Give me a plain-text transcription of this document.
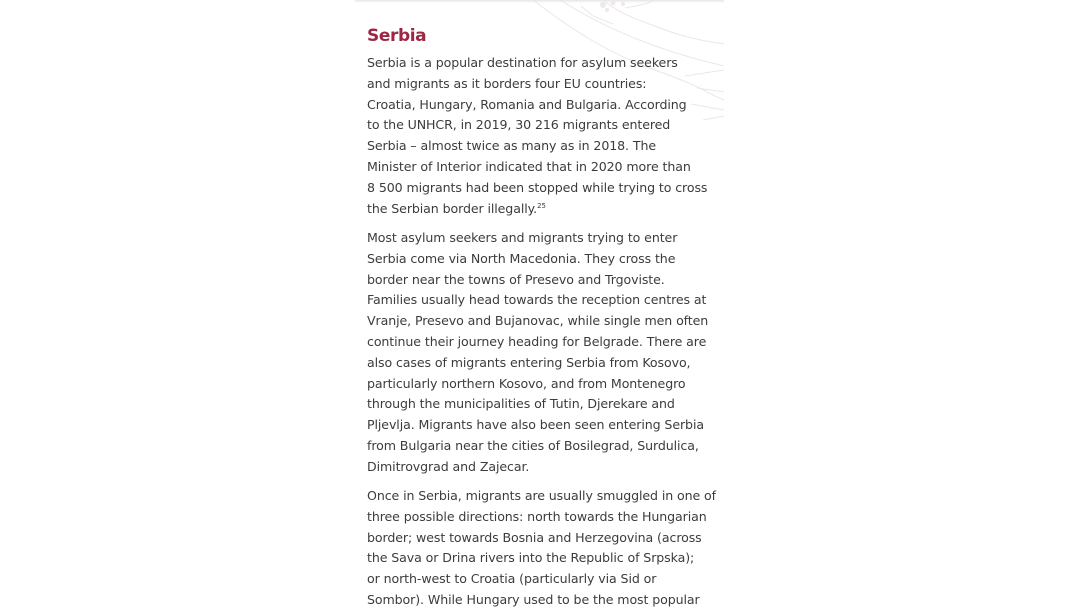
Serbia

Serbia is a popular destination for asylum seekers
and migrants as it borders four EU countries:
Croatia, Hungary, Romania and Bulgaria. According
to the UNHCR, in 2019, 30 216 migrants entered
Serbia – almost twice as many as in 2018. The
Minister of Interior indicated that in 2020 more than
8 500 migrants had been stopped while trying to cross
the Serbian border illegally.$^{25}$

Most asylum seekers and migrants trying to enter
Serbia come via North Macedonia. They cross the
border near the towns of Presevo and Trgoviste.
Families usually head towards the reception centres at
Vranje, Presevo and Bujanovac, while single men often
continue their journey heading for Belgrade. There are
also cases of migrants entering Serbia from Kosovo,
particularly northern Kosovo, and from Montenegro
through the municipalities of Tutin, Djerekare and
Pljevlja. Migrants have also been seen entering Serbia
from Bulgaria near the cities of Bosilegrad, Surdulica,
Dimitrovgrad and Zajecar.

Once in Serbia, migrants are usually smuggled in one of
three possible directions: north towards the Hungarian
border; west towards Bosnia and Herzegovina (across
the Sava or Drina rivers into the Republic of Srpska);
or north-west to Croatia (particularly via Sid or
Sombor). While Hungary used to be the most popular
